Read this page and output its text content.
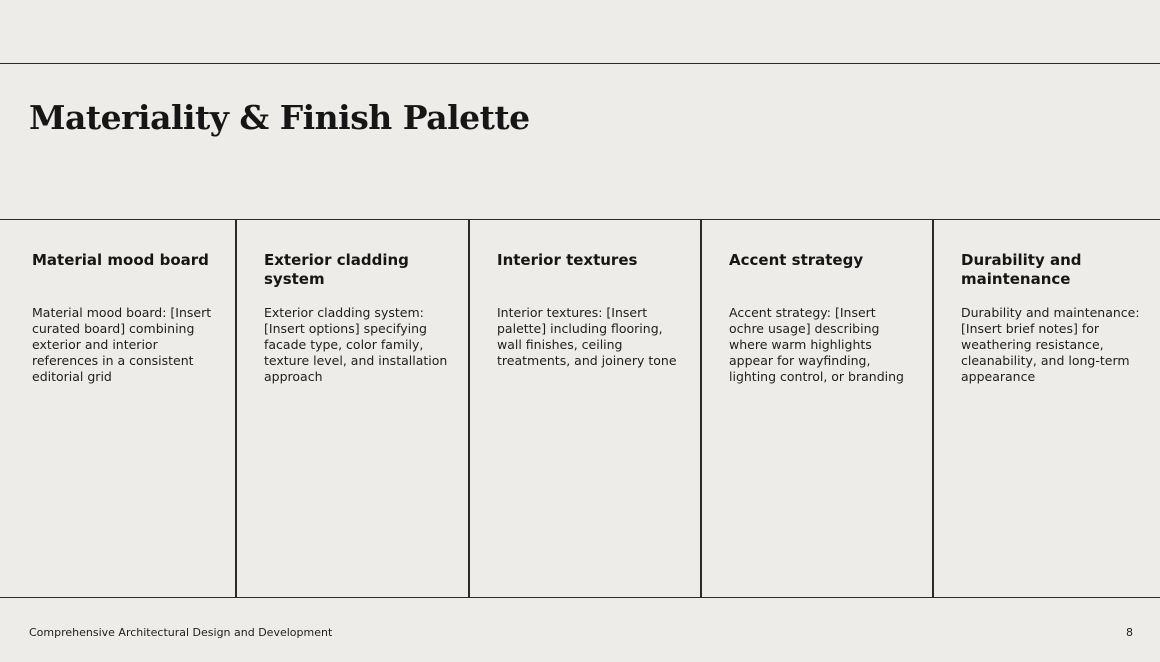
Materiality & Finish Palette
Material mood board

Material mood board: [Insert curated board] combining exterior and interior references in a consistent editorial grid

Exterior cladding system

Exterior cladding system: [Insert options] specifying facade type, color family, texture level, and installation approach

Interior textures

Interior textures: [Insert palette] including flooring, wall finishes, ceiling treatments, and joinery tone

Accent strategy

Accent strategy: [Insert ochre usage] describing where warm highlights appear for wayfinding, lighting control, or branding

Durability and maintenance

Durability and maintenance: [Insert brief notes] for weathering resistance, cleanability, and long-term appearance

Comprehensive Architectural Design and Development	8
